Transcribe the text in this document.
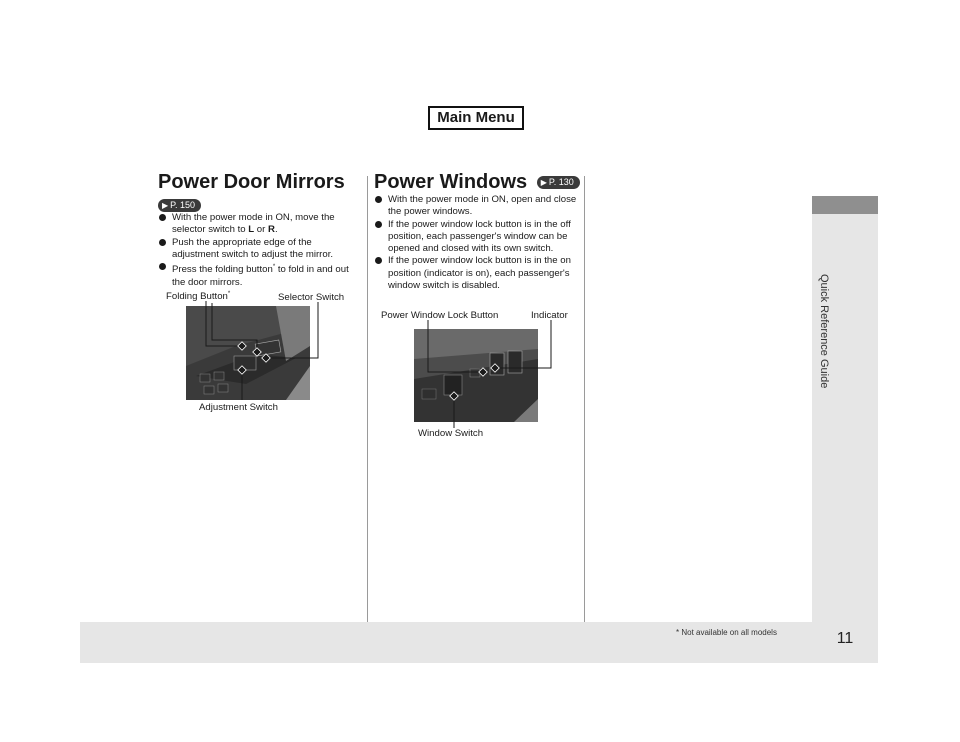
Main Menu
Quick Reference Guide
11
* Not available on all models
Power Door Mirrors
▶ P. 150
With the power mode in ON, move the selector switch to L or R.
Push the appropriate edge of the adjustment switch to adjust the mirror.
Press the folding button* to fold in and out the door mirrors.
Folding Button*	Selector Switch
Adjustment Switch
Power Windows ▶ P. 130
With the power mode in ON, open and close the power windows.
If the power window lock button is in the off position, each passenger's window can be opened and closed with its own switch.
If the power window lock button is in the on position (indicator is on), each passenger's window switch is disabled.
Power Window Lock Button	Indicator
Window Switch
